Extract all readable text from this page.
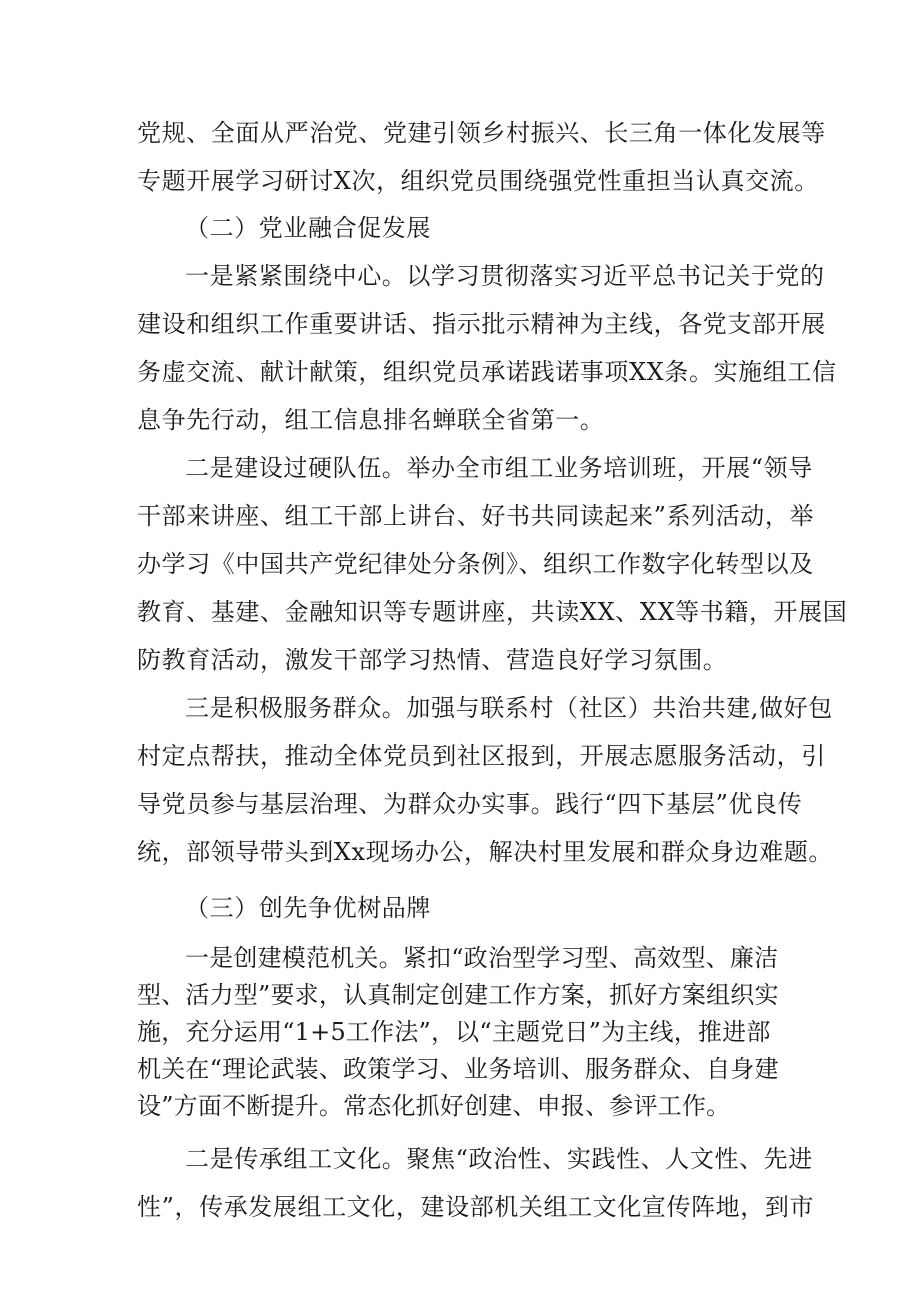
党规、全面从严治党、党建引领乡村振兴、长三角一体化发展等
专题开展学习研讨X次，组织党员围绕强党性重担当认真交流。
（二）党业融合促发展
一是紧紧围绕中心。以学习贯彻落实习近平总书记关于党的
建设和组织工作重要讲话、指示批示精神为主线，各党支部开展
务虚交流、献计献策，组织党员承诺践诺事项XX条。实施组工信
息争先行动，组工信息排名蝉联全省第一。
二是建设过硬队伍。举办全市组工业务培训班，开展“领导
干部来讲座、组工干部上讲台、好书共同读起来”系列活动，举
办学习《中国共产党纪律处分条例》、组织工作数字化转型以及
教育、基建、金融知识等专题讲座，共读XX、XX等书籍，开展国
防教育活动，激发干部学习热情、营造良好学习氛围。
三是积极服务群众。加强与联系村（社区）共治共建,做好包
村定点帮扶，推动全体党员到社区报到，开展志愿服务活动，引
导党员参与基层治理、为群众办实事。践行“四下基层”优良传
统，部领导带头到Ⅹx现场办公，解决村里发展和群众身边难题。
（三）创先争优树品牌
一是创建模范机关。紧扣“政治型学习型、高效型、廉洁
型、活力型”要求，认真制定创建工作方案，抓好方案组织实
施，充分运用“1+5工作法”，以“主题党日”为主线，推进部
机关在“理论武装、政策学习、业务培训、服务群众、自身建
设”方面不断提升。常态化抓好创建、申报、参评工作。
二是传承组工文化。聚焦“政治性、实践性、人文性、先进
性”，传承发展组工文化，建设部机关组工文化宣传阵地，到市
